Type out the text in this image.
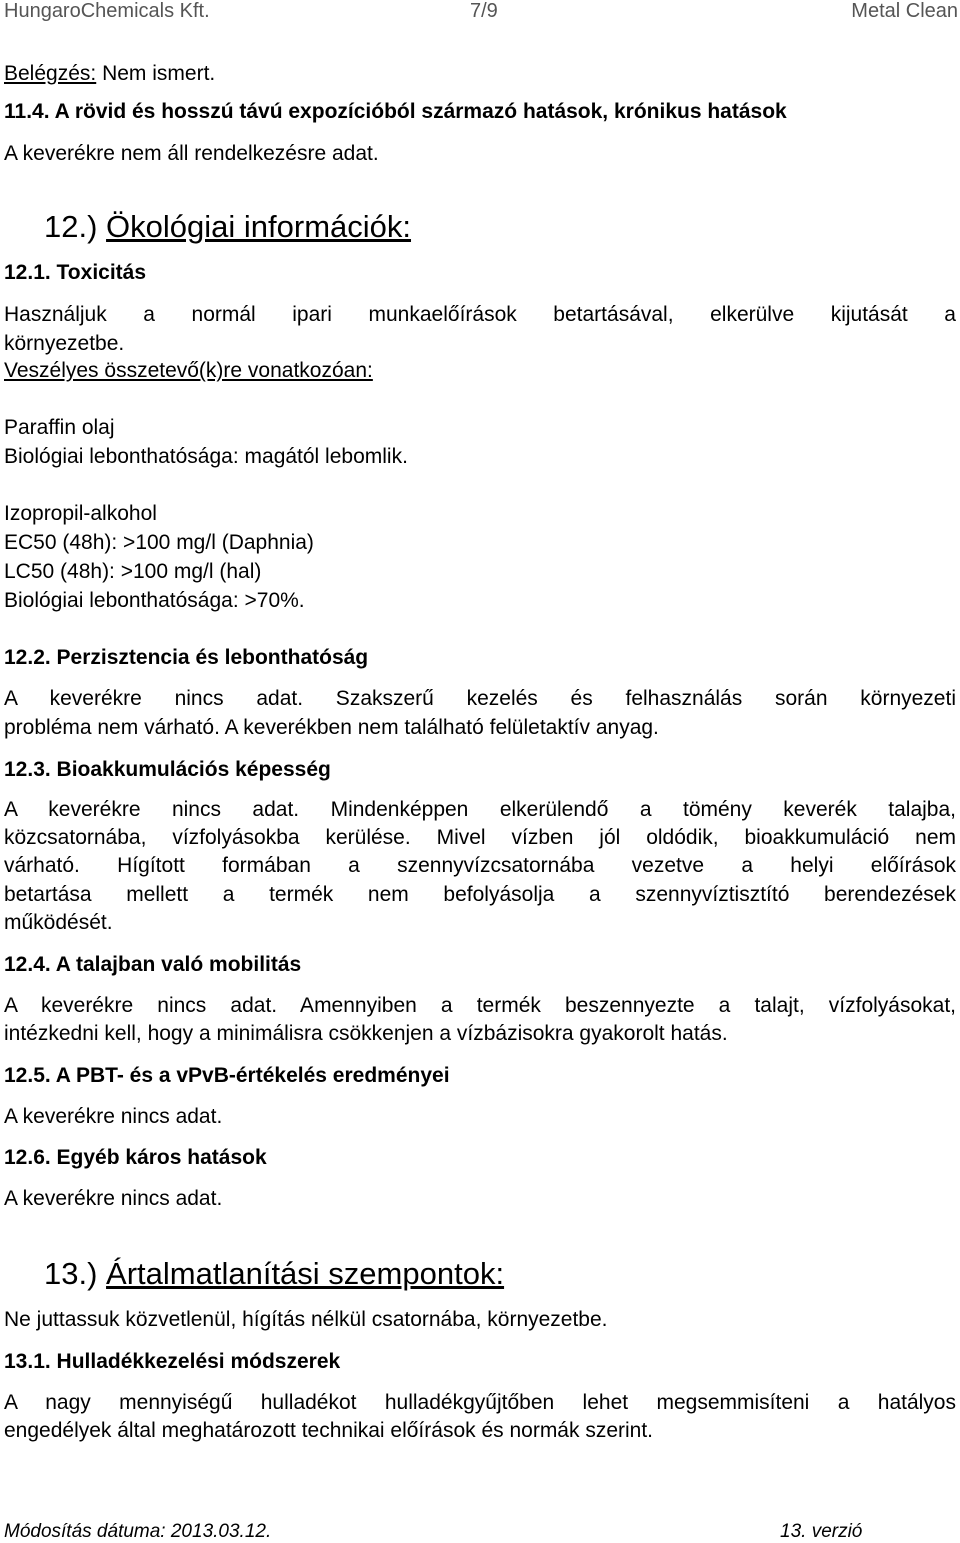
HungaroChemicals Kft.	7/9	Metal Clean
Belégzés: Nem ismert.
11.4. A rövid és hosszú távú expozícióból származó hatások, krónikus hatások
A keverékre nem áll rendelkezésre adat.
12.) Ökológiai információk:
12.1. Toxicitás
Használjuk a normál ipari munkaelőírások betartásával, elkerülve kijutását a
környezetbe.
Veszélyes összetevő(k)re vonatkozóan:
Paraffin olaj
Biológiai lebonthatósága: magától lebomlik.
Izopropil-alkohol
EC50 (48h): >100 mg/l (Daphnia)
LC50 (48h): >100 mg/l (hal)
Biológiai lebonthatósága: >70%.
12.2. Perzisztencia és lebonthatóság
A keverékre nincs adat. Szakszerű kezelés és felhasználás során környezeti
probléma nem várható. A keverékben nem található felületaktív anyag.
12.3. Bioakkumulációs képesség
A keverékre nincs adat. Mindenképpen elkerülendő a tömény keverék talajba,
közcsatornába, vízfolyásokba kerülése. Mivel vízben jól oldódik, bioakkumuláció nem
várható. Hígított formában a szennyvízcsatornába vezetve a helyi előírások
betartása mellett a termék nem befolyásolja a szennyvíztisztító berendezések
működését.
12.4. A talajban való mobilitás
A keverékre nincs adat. Amennyiben a termék beszennyezte a talajt, vízfolyásokat,
intézkedni kell, hogy a minimálisra csökkenjen a vízbázisokra gyakorolt hatás.
12.5. A PBT- és a vPvB-értékelés eredményei
A keverékre nincs adat.
12.6. Egyéb káros hatások
A keverékre nincs adat.
13.) Ártalmatlanítási szempontok:
Ne juttassuk közvetlenül, hígítás nélkül csatornába, környezetbe.
13.1. Hulladékkezelési módszerek
A nagy mennyiségű hulladékot hulladékgyűjtőben lehet megsemmisíteni a hatályos
engedélyek által meghatározott technikai előírások és normák szerint.
Módosítás dátuma: 2013.03.12.	13. verzió
